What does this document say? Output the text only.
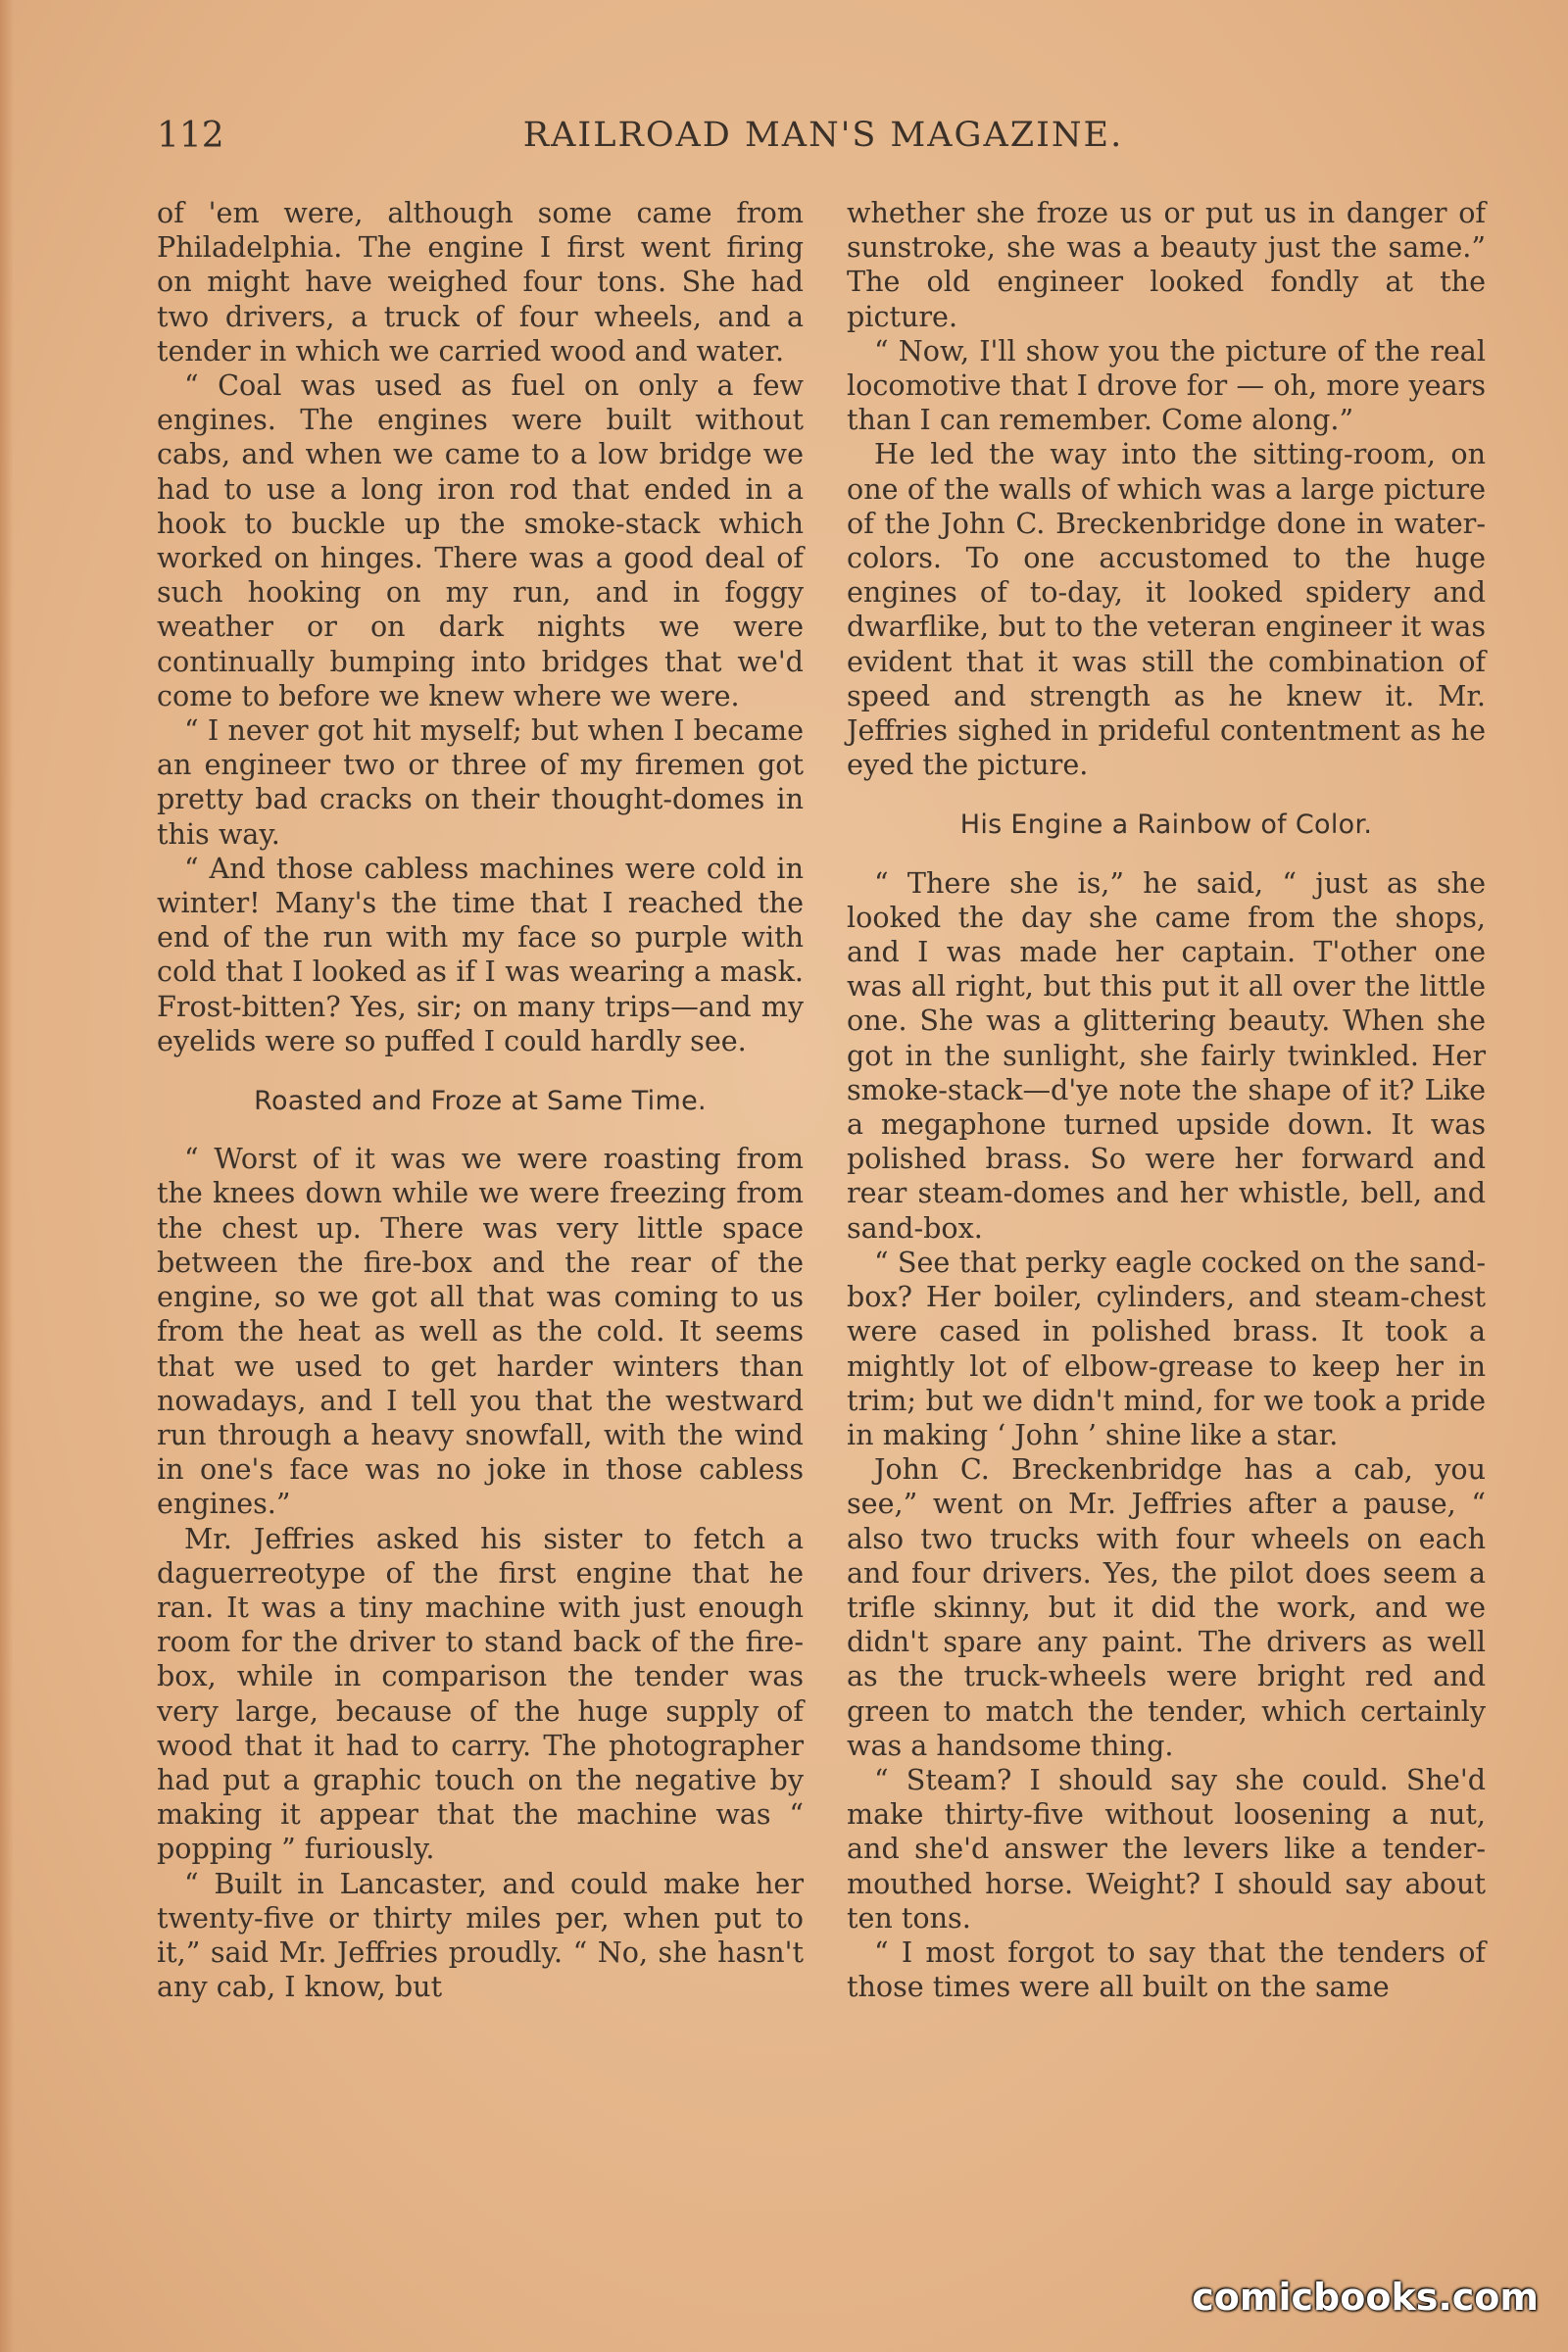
112	RAILROAD MAN'S MAGAZINE.

of 'em were, although some came from Philadelphia. The engine I first went firing on might have weighed four tons. She had two drivers, a truck of four wheels, and a tender in which we carried wood and water.

“ Coal was used as fuel on only a few engines. The engines were built without cabs, and when we came to a low bridge we had to use a long iron rod that ended in a hook to buckle up the smoke-stack which worked on hinges. There was a good deal of such hooking on my run, and in foggy weather or on dark nights we were continually bumping into bridges that we'd come to before we knew where we were.

“ I never got hit myself; but when I became an engineer two or three of my firemen got pretty bad cracks on their thought-domes in this way.

“ And those cabless machines were cold in winter! Many's the time that I reached the end of the run with my face so purple with cold that I looked as if I was wearing a mask. Frost-bitten? Yes, sir; on many trips—and my eyelids were so puffed I could hardly see.

Roasted and Froze at Same Time.

“ Worst of it was we were roasting from the knees down while we were freezing from the chest up. There was very little space between the fire-box and the rear of the engine, so we got all that was coming to us from the heat as well as the cold. It seems that we used to get harder winters than nowadays, and I tell you that the westward run through a heavy snowfall, with the wind in one's face was no joke in those cabless engines.”

Mr. Jeffries asked his sister to fetch a daguerreotype of the first engine that he ran. It was a tiny machine with just enough room for the driver to stand back of the fire-box, while in comparison the tender was very large, because of the huge supply of wood that it had to carry. The photographer had put a graphic touch on the negative by making it appear that the machine was “ popping ” furiously.

“ Built in Lancaster, and could make her twenty-five or thirty miles per, when put to it,” said Mr. Jeffries proudly. “ No, she hasn't any cab, I know, but

whether she froze us or put us in danger of sunstroke, she was a beauty just the same.” The old engineer looked fondly at the picture.

“ Now, I'll show you the picture of the real locomotive that I drove for — oh, more years than I can remember. Come along.”

He led the way into the sitting-room, on one of the walls of which was a large picture of the John C. Breckenbridge done in water-colors. To one accustomed to the huge engines of to-day, it looked spidery and dwarflike, but to the veteran engineer it was evident that it was still the combination of speed and strength as he knew it. Mr. Jeffries sighed in prideful contentment as he eyed the picture.

His Engine a Rainbow of Color.

“ There she is,” he said, “ just as she looked the day she came from the shops, and I was made her captain. T'other one was all right, but this put it all over the little one. She was a glittering beauty. When she got in the sunlight, she fairly twinkled. Her smoke-stack—d'ye note the shape of it? Like a megaphone turned upside down. It was polished brass. So were her forward and rear steam-domes and her whistle, bell, and sand-box.

“ See that perky eagle cocked on the sand-box? Her boiler, cylinders, and steam-chest were cased in polished brass. It took a mightly lot of elbow-grease to keep her in trim; but we didn't mind, for we took a pride in making ‘ John ’ shine like a star.

John C. Breckenbridge has a cab, you see,” went on Mr. Jeffries after a pause, “ also two trucks with four wheels on each and four drivers. Yes, the pilot does seem a trifle skinny, but it did the work, and we didn't spare any paint. The drivers as well as the truck-wheels were bright red and green to match the tender, which certainly was a handsome thing.

“ Steam? I should say she could. She'd make thirty-five without loosening a nut, and she'd answer the levers like a tender-mouthed horse. Weight? I should say about ten tons.

“ I most forgot to say that the tenders of those times were all built on the same

comicbooks.com
